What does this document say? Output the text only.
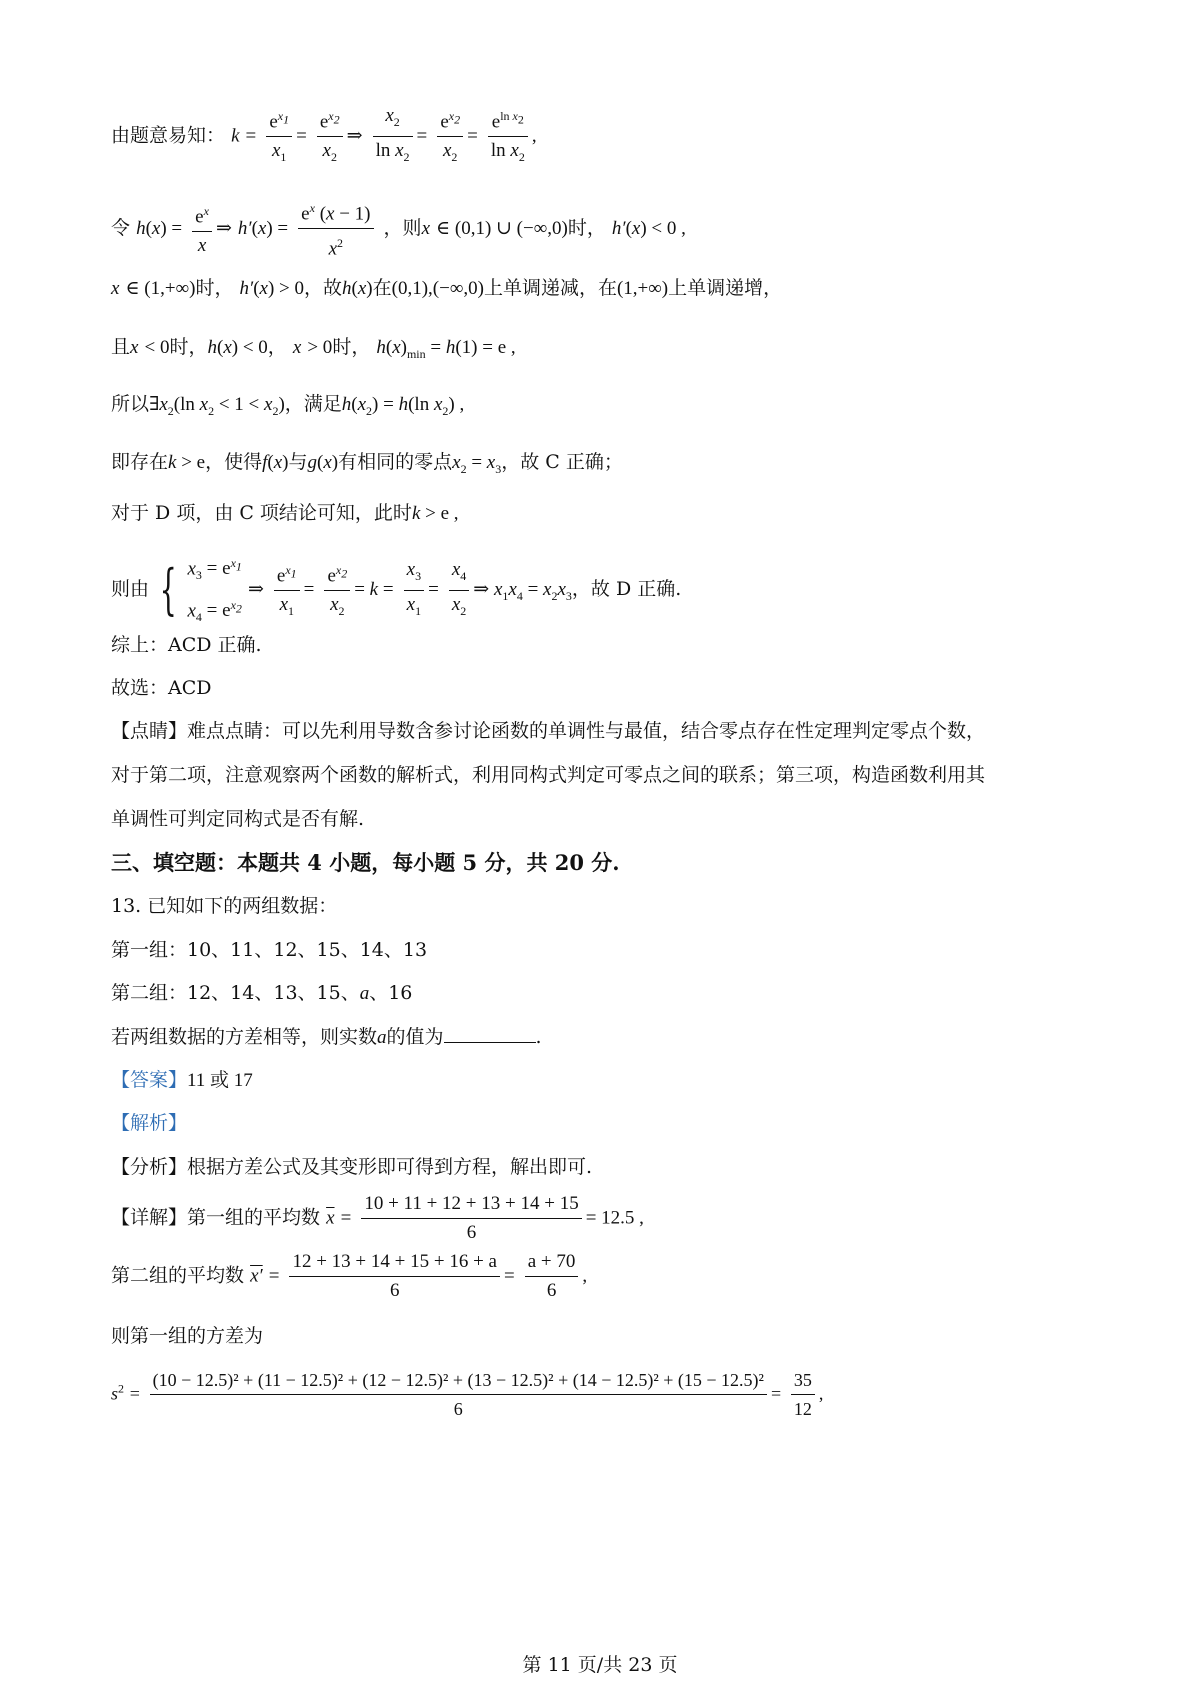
由题意易知： $k = \frac{e^{x_1}}{x_1} = \frac{e^{x_2}}{x_2}$ ⇒ $\frac{x_2}{\ln x_2} = \frac{e^{x_2}}{x_2} = \frac{e^{ln x_2}}{\ln x_2}$ ,
令 $h(x) = \frac{e^x}{x}$ ⇒ $h'(x) = \frac{e^x (x - 1)}{x^2}$ ，则x ∈ (0,1) ∪ (−∞,0)时， h′(x) < 0 ,
x ∈ (1,+∞)时， h′(x) > 0，故h(x)在(0,1),(−∞,0)上单调递减，在(1,+∞)上单调递增，
且x < 0时，h(x) < 0， x > 0时， $h(x)_{min} = h(1) = e$ ,
所以$\exists x_2(\ln$ $x_2 < 1 < x_2$)，满足$h(x_2) = h(\ln$ $x_2$) ,
即存在k > e，使得f(x)与g(x)有相同的零点$x_2 = x_3$，故 C 正确；
对于 D 项，由 C 项结论可知，此时k > e ,
则由 { $x_3 = e^{x_1}$
$x_4 = e^{x_2}$
⇒ $\frac{e^{x_1}}{x_1} = \frac{e^{x_2}}{x_2} = k = \frac{x_3}{x_1} = \frac{x_4}{x_2}$ ⇒ $x_1x_4 = x_2x_3$，故 D 正确.
综上：ACD 正确.
故选：ACD
【点睛】难点点睛：可以先利用导数含参讨论函数的单调性与最值，结合零点存在性定理判定零点个数，
对于第二项，注意观察两个函数的解析式，利用同构式判定可零点之间的联系；第三项，构造函数利用其
单调性可判定同构式是否有解.
三、填空题：本题共 4 小题，每小题 5 分，共 20 分.
13. 已知如下的两组数据：
第一组：10、11、12、15、14、13
第二组：12、14、13、15、a、16
若两组数据的方差相等，则实数a的值为	.
【答案】11 或 17
【解析】
【分析】根据方差公式及其变形即可得到方程，解出即可.
【详解】第一组的平均数 $\overline{x} = \frac{10 + 11 + 12 + 13 + 14 + 15}{6} = 12.5$ ,
第二组的平均数 $x' = \frac{12 + 13 + 14 + 15 + 16 + a}{6} = \frac{a + 70}{6}$ ,
则第一组的方差为
$s^2$ =
(10 − 12.5)² + (11 − 12.5)² + (12 − 12.5)² + (13 − 12.5)² + (14 − 12.5)² + (15 − 12.5)²
6
= $\frac{35}{12}$ ,
第 11 页/共 23 页
